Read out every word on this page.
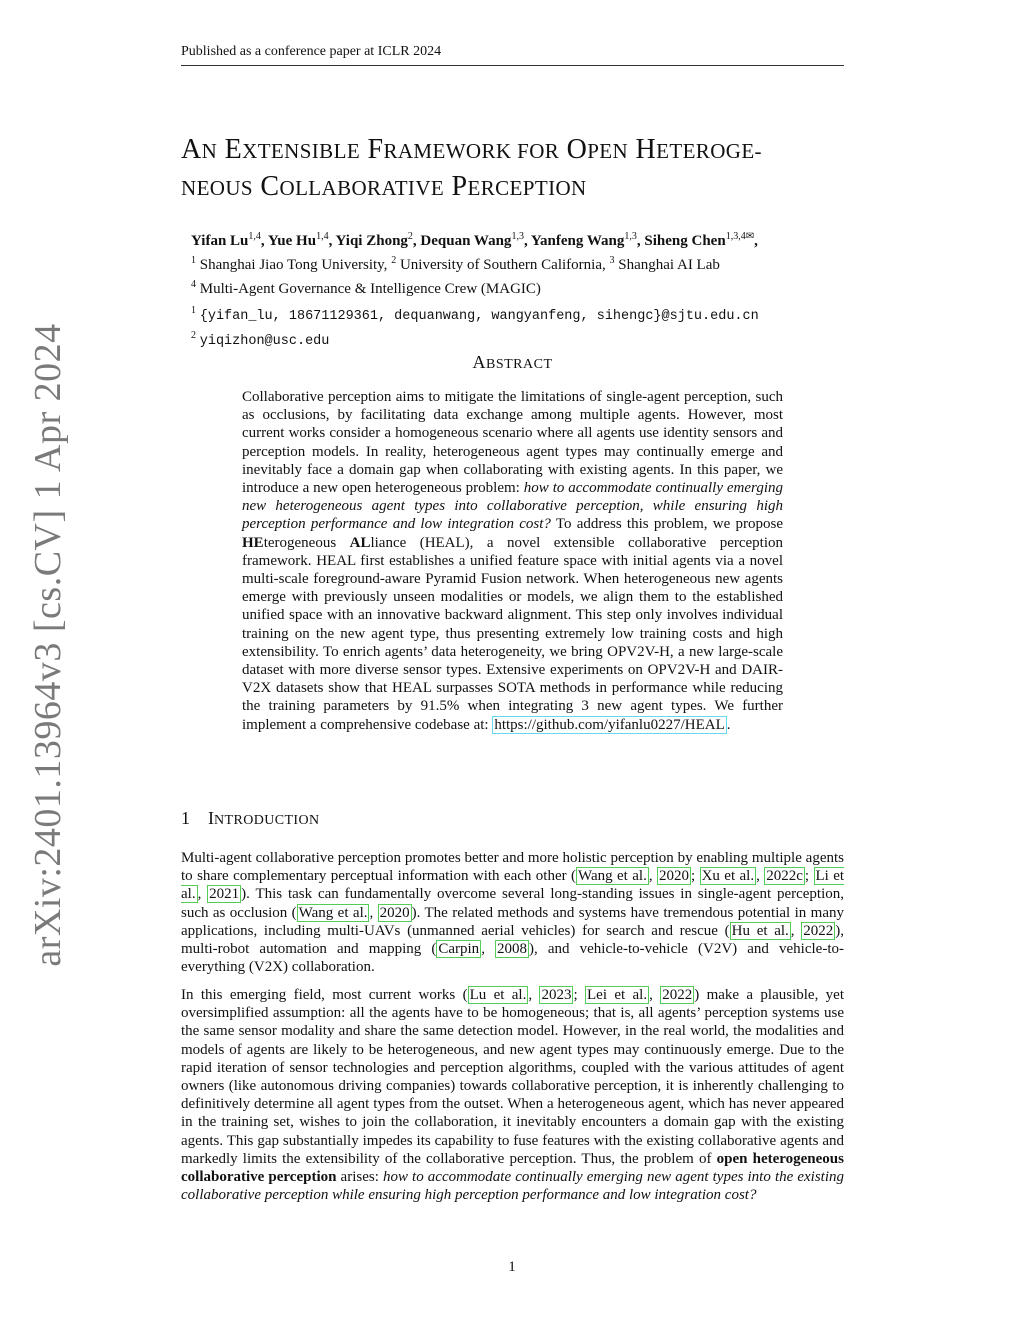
Published as a conference paper at ICLR 2024
arXiv:2401.13964v3 [cs.CV] 1 Apr 2024
AN EXTENSIBLE FRAMEWORK FOR OPEN HETEROGE-
NEOUS COLLABORATIVE PERCEPTION
Yifan Lu$^{1,4}$, Yue Hu$^{1,4}$, Yiqi Zhong$^2$, Dequan Wang$^{1,3}$, Yanfeng Wang$^{1,3}$, Siheng Chen$^{1,3,4✉}$,
$^1$ Shanghai Jiao Tong University, $^2$ University of Southern California, $^3$ Shanghai AI Lab
$^4$ Multi-Agent Governance & Intelligence Crew (MAGIC)
$^1$ {yifan_lu, 18671129361, dequanwang, wangyanfeng, sihengc}@sjtu.edu.cn
$^2$ yiqizhon@usc.edu
ABSTRACT

Collaborative perception aims to mitigate the limitations of single-agent perception, such as occlusions, by facilitating data exchange among multiple agents. However, most current works consider a homogeneous scenario where all agents use identity sensors and perception models. In reality, heterogeneous agent types may continually emerge and inevitably face a domain gap when collaborating with existing agents. In this paper, we introduce a new open heterogeneous problem: how to accommodate continually emerging new heterogeneous agent types into collaborative perception, while ensuring high perception performance and low integration cost? To address this problem, we propose HEterogeneous ALliance (HEAL), a novel extensible collaborative perception framework. HEAL first establishes a unified feature space with initial agents via a novel multi-scale foreground-aware Pyramid Fusion network. When heterogeneous new agents emerge with previously unseen modalities or models, we align them to the established unified space with an innovative backward alignment. This step only involves individual training on the new agent type, thus presenting extremely low training costs and high extensibility. To enrich agents’ data heterogeneity, we bring OPV2V-H, a new large-scale dataset with more diverse sensor types. Extensive experiments on OPV2V-H and DAIR-V2X datasets show that HEAL surpasses SOTA methods in performance while reducing the training parameters by 91.5% when integrating 3 new agent types. We further implement a comprehensive codebase at: https://github.com/yifanlu0227/HEAL .

1 INTRODUCTION

Multi-agent collaborative perception promotes better and more holistic perception by enabling multiple agents to share complementary perceptual information with each other ( Wang et al. , 2020 ; Xu et al. , 2022c ; Li et al. , 2021 ). This task can fundamentally overcome several long-standing issues in single-agent perception, such as occlusion ( Wang et al. , 2020 ). The related methods and systems have tremendous potential in many applications, including multi-UAVs (unmanned aerial vehicles) for search and rescue ( Hu et al. , 2022 ), multi-robot automation and mapping ( Carpin , 2008 ), and vehicle-to-vehicle (V2V) and vehicle-to-everything (V2X) collaboration.

In this emerging field, most current works ( Lu et al. , 2023 ; Lei et al. , 2022 ) make a plausible, yet oversimplified assumption: all the agents have to be homogeneous; that is, all agents’ perception systems use the same sensor modality and share the same detection model. However, in the real world, the modalities and models of agents are likely to be heterogeneous, and new agent types may continuously emerge. Due to the rapid iteration of sensor technologies and perception algorithms, coupled with the various attitudes of agent owners (like autonomous driving companies) towards collaborative perception, it is inherently challenging to definitively determine all agent types from the outset. When a heterogeneous agent, which has never appeared in the training set, wishes to join the collaboration, it inevitably encounters a domain gap with the existing agents. This gap substantially impedes its capability to fuse features with the existing collaborative agents and markedly limits the extensibility of the collaborative perception. Thus, the problem of open heterogeneous collaborative perception arises: how to accommodate continually emerging new agent types into the existing collaborative perception while ensuring high perception performance and low integration cost?

1
